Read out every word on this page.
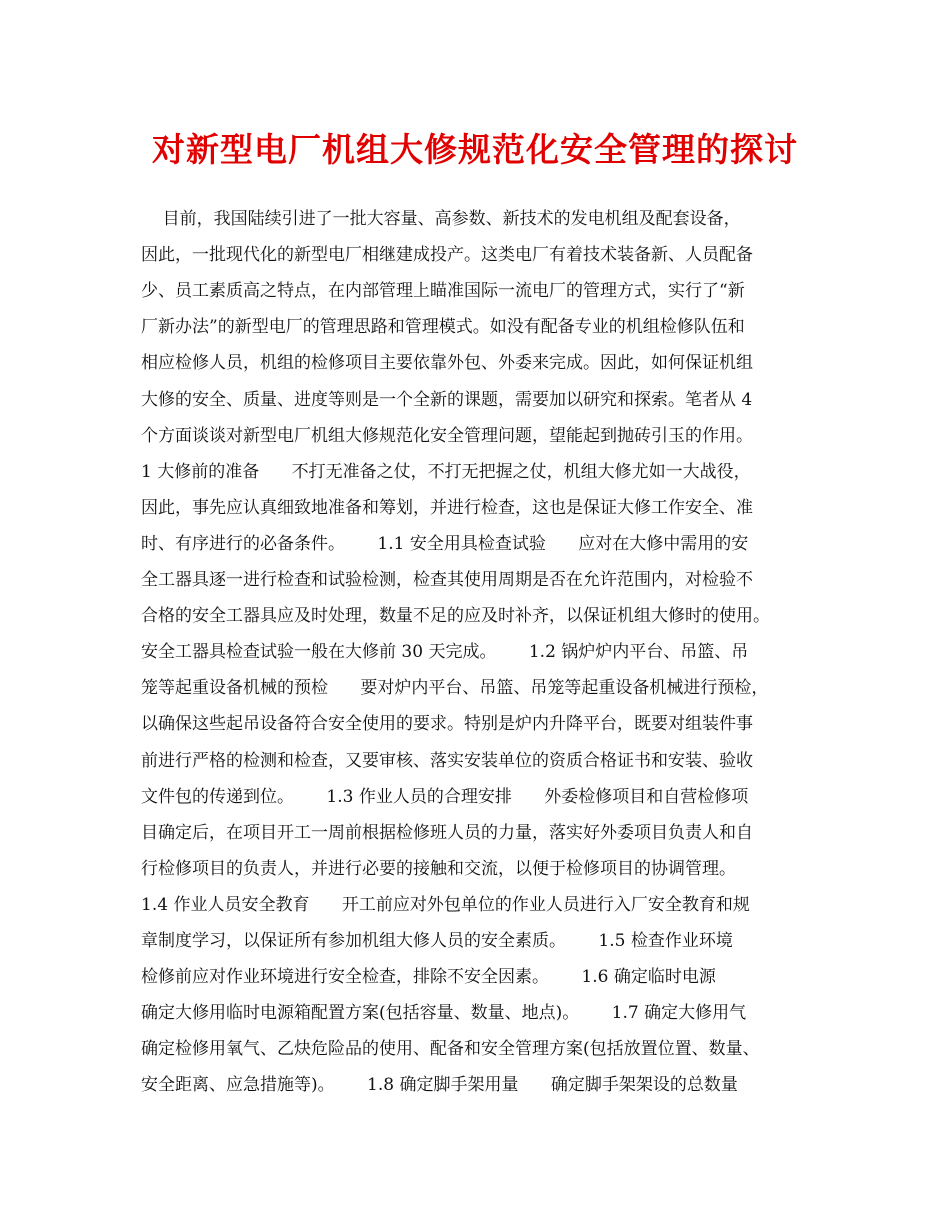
对新型电厂机组大修规范化安全管理的探讨

目前，我国陆续引进了一批大容量、高参数、新技术的发电机组及配套设备，

因此，一批现代化的新型电厂相继建成投产。这类电厂有着技术装备新、人员配备

少、员工素质高之特点，在内部管理上瞄准国际一流电厂的管理方式，实行了“新

厂新办法”的新型电厂的管理思路和管理模式。如没有配备专业的机组检修队伍和

相应检修人员，机组的检修项目主要依靠外包、外委来完成。因此，如何保证机组

大修的安全、质量、进度等则是一个全新的课题，需要加以研究和探索。笔者从 4

个方面谈谈对新型电厂机组大修规范化安全管理问题，望能起到抛砖引玉的作用。

1 大修前的准备      不打无准备之仗，不打无把握之仗，机组大修尤如一大战役，

因此，事先应认真细致地准备和筹划，并进行检查，这也是保证大修工作安全、准

时、有序进行的必备条件。      1.1 安全用具检查试验      应对在大修中需用的安

全工器具逐一进行检查和试验检测，检查其使用周期是否在允许范围内，对检验不

合格的安全工器具应及时处理，数量不足的应及时补齐，以保证机组大修时的使用。

安全工器具检查试验一般在大修前 30 天完成。      1.2 锅炉炉内平台、吊篮、吊

笼等起重设备机械的预检      要对炉内平台、吊篮、吊笼等起重设备机械进行预检，

以确保这些起吊设备符合安全使用的要求。特别是炉内升降平台，既要对组装件事

前进行严格的检测和检查，又要审核、落实安装单位的资质合格证书和安装、验收

文件包的传递到位。      1.3 作业人员的合理安排      外委检修项目和自营检修项

目确定后，在项目开工一周前根据检修班人员的力量，落实好外委项目负责人和自

行检修项目的负责人，并进行必要的接触和交流，以便于检修项目的协调管理。

1.4 作业人员安全教育      开工前应对外包单位的作业人员进行入厂安全教育和规

章制度学习，以保证所有参加机组大修人员的安全素质。      1.5 检查作业环境

检修前应对作业环境进行安全检查，排除不安全因素。      1.6 确定临时电源

确定大修用临时电源箱配置方案(包括容量、数量、地点)。      1.7 确定大修用气

确定检修用氧气、乙炔危险品的使用、配备和安全管理方案(包括放置位置、数量、

安全距离、应急措施等)。      1.8 确定脚手架用量      确定脚手架架设的总数量
